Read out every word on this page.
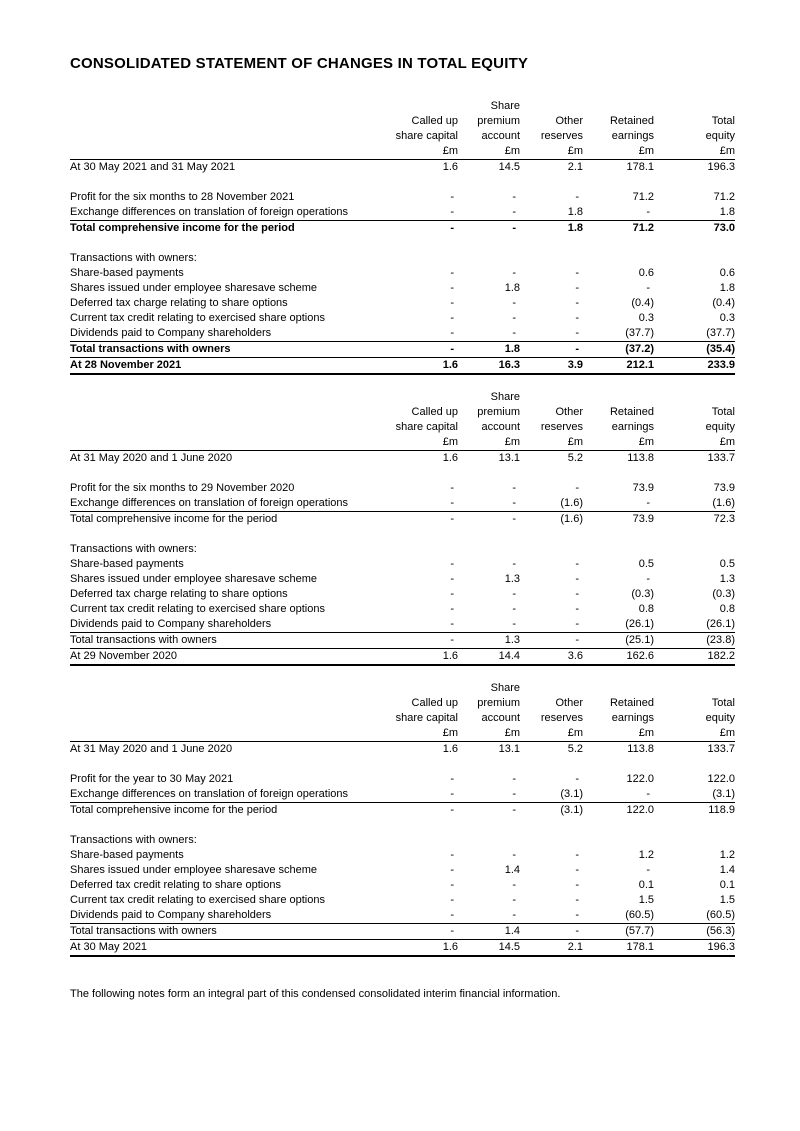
CONSOLIDATED STATEMENT OF CHANGES IN TOTAL EQUITY
		Share			
	Called up	premium	Other	Retained	Total
	share capital	account	reserves	earnings	equity
	£m	£m	£m	£m	£m
At 30 May 2021 and 31 May 2021	1.6	14.5	2.1	178.1	196.3

Profit for the six months to 28 November 2021	-	-	-	71.2	71.2
Exchange differences on translation of foreign operations	-	-	1.8	-	1.8
Total comprehensive income for the period	-	-	1.8	71.2	73.0

Transactions with owners:					
Share-based payments	-	-	-	0.6	0.6
Shares issued under employee sharesave scheme	-	1.8	-	-	1.8
Deferred tax charge relating to share options	-	-	-	(0.4)	(0.4)
Current tax credit relating to exercised share options	-	-	-	0.3	0.3
Dividends paid to Company shareholders	-	-	-	(37.7)	(37.7)
Total transactions with owners	-	1.8	-	(37.2)	(35.4)
At 28 November 2021	1.6	16.3	3.9	212.1	233.9
		Share			
	Called up	premium	Other	Retained	Total
	share capital	account	reserves	earnings	equity
	£m	£m	£m	£m	£m
At 31 May 2020 and 1 June 2020	1.6	13.1	5.2	113.8	133.7

Profit for the six months to 29 November 2020	-	-	-	73.9	73.9
Exchange differences on translation of foreign operations	-	-	(1.6)	-	(1.6)
Total comprehensive income for the period	-	-	(1.6)	73.9	72.3

Transactions with owners:					
Share-based payments	-	-	-	0.5	0.5
Shares issued under employee sharesave scheme	-	1.3	-	-	1.3
Deferred tax charge relating to share options	-	-	-	(0.3)	(0.3)
Current tax credit relating to exercised share options	-	-	-	0.8	0.8
Dividends paid to Company shareholders	-	-	-	(26.1)	(26.1)
Total transactions with owners	-	1.3	-	(25.1)	(23.8)
At 29 November 2020	1.6	14.4	3.6	162.6	182.2
		Share			
	Called up	premium	Other	Retained	Total
	share capital	account	reserves	earnings	equity
	£m	£m	£m	£m	£m
At 31 May 2020 and 1 June 2020	1.6	13.1	5.2	113.8	133.7

Profit for the year to 30 May 2021	-	-	-	122.0	122.0
Exchange differences on translation of foreign operations	-	-	(3.1)	-	(3.1)
Total comprehensive income for the period	-	-	(3.1)	122.0	118.9

Transactions with owners:					
Share-based payments	-	-	-	1.2	1.2
Shares issued under employee sharesave scheme	-	1.4	-	-	1.4
Deferred tax credit relating to share options	-	-	-	0.1	0.1
Current tax credit relating to exercised share options	-	-	-	1.5	1.5
Dividends paid to Company shareholders	-	-	-	(60.5)	(60.5)
Total transactions with owners	-	1.4	-	(57.7)	(56.3)
At 30 May 2021	1.6	14.5	2.1	178.1	196.3

The following notes form an integral part of this condensed consolidated interim financial information.
